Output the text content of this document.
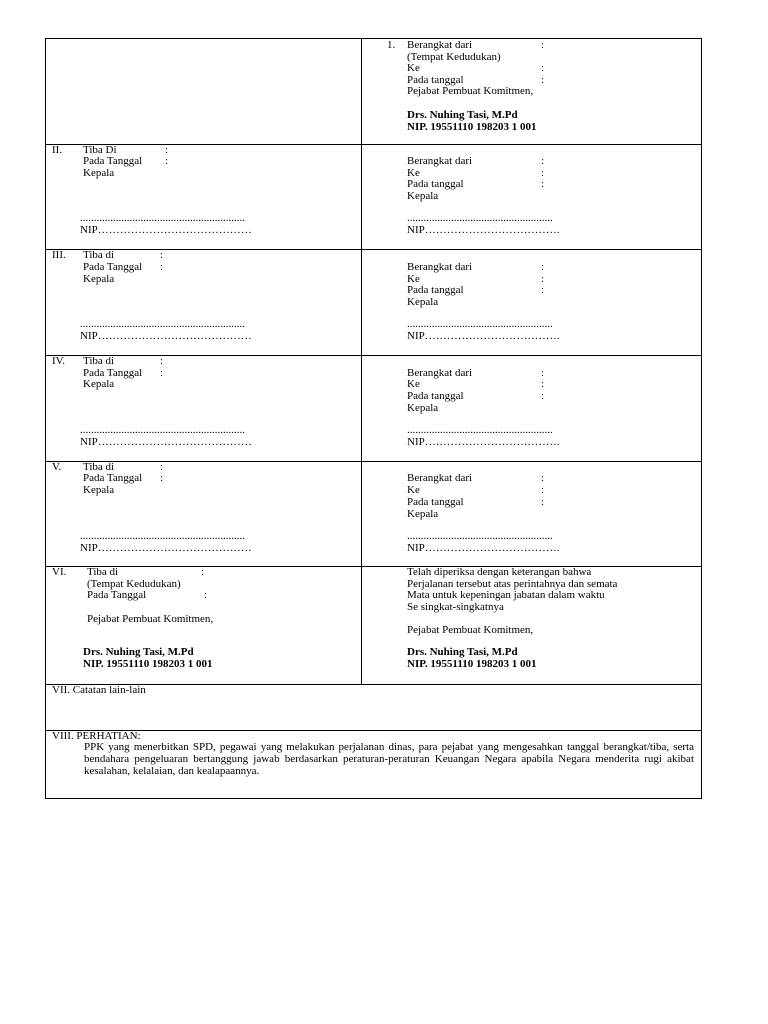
1. Berangkat dari	:
(Tempat Kedudukan)
Ke	:
Pada tanggal	:
Pejabat Pembuat Komitmen,
Drs. Nuhing Tasi, M.Pd
NIP. 19551110 198203 1 001
II. Tiba Di	:
Pada Tanggal :
Kepala
............................................................
NIP……………………………………
Berangkat dari	:
Ke	:
Pada tanggal	:
Kepala
.....................................................
NIP……………………………….
III. Tiba di	:
Pada Tanggal :
Kepala
............................................................
NIP……………………………………
Berangkat dari	:
Ke	:
Pada tanggal	:
Kepala
.....................................................
NIP……………………………….
IV. Tiba di	:
Pada Tanggal :
Kepala
............................................................
NIP……………………………………
Berangkat dari	:
Ke	:
Pada tanggal	:
Kepala
.....................................................
NIP……………………………….
V. Tiba di	:
Pada Tanggal :
Kepala
............................................................
NIP……………………………………
Berangkat dari	:
Ke	:
Pada tanggal	:
Kepala
.....................................................
NIP……………………………….
VI. Tiba di	:
(Tempat Kedudukan)
Pada Tanggal	:
Pejabat Pembuat Komitmen,
Drs. Nuhing Tasi, M.Pd
NIP. 19551110 198203 1 001
Telah diperiksa dengan keterangan bahwa
Perjalanan tersebut atas perintahnya dan semata
Mata untuk kepeningan jabatan dalam waktu
Se singkat-singkatnya
Pejabat Pembuat Komitmen,
Drs. Nuhing Tasi, M.Pd
NIP. 19551110 198203 1 001
VII. Catatan lain-lain
VIII. PERHATIAN:
PPK yang menerbitkan SPD, pegawai yang melakukan perjalanan dinas, para pejabat yang mengesahkan tanggal berangkat/tiba, serta bendahara pengeluaran bertanggung jawab berdasarkan peraturan-peraturan Keuangan Negara apabila Negara menderita rugi akibat kesalahan, kelalaian, dan kealapaannya.
